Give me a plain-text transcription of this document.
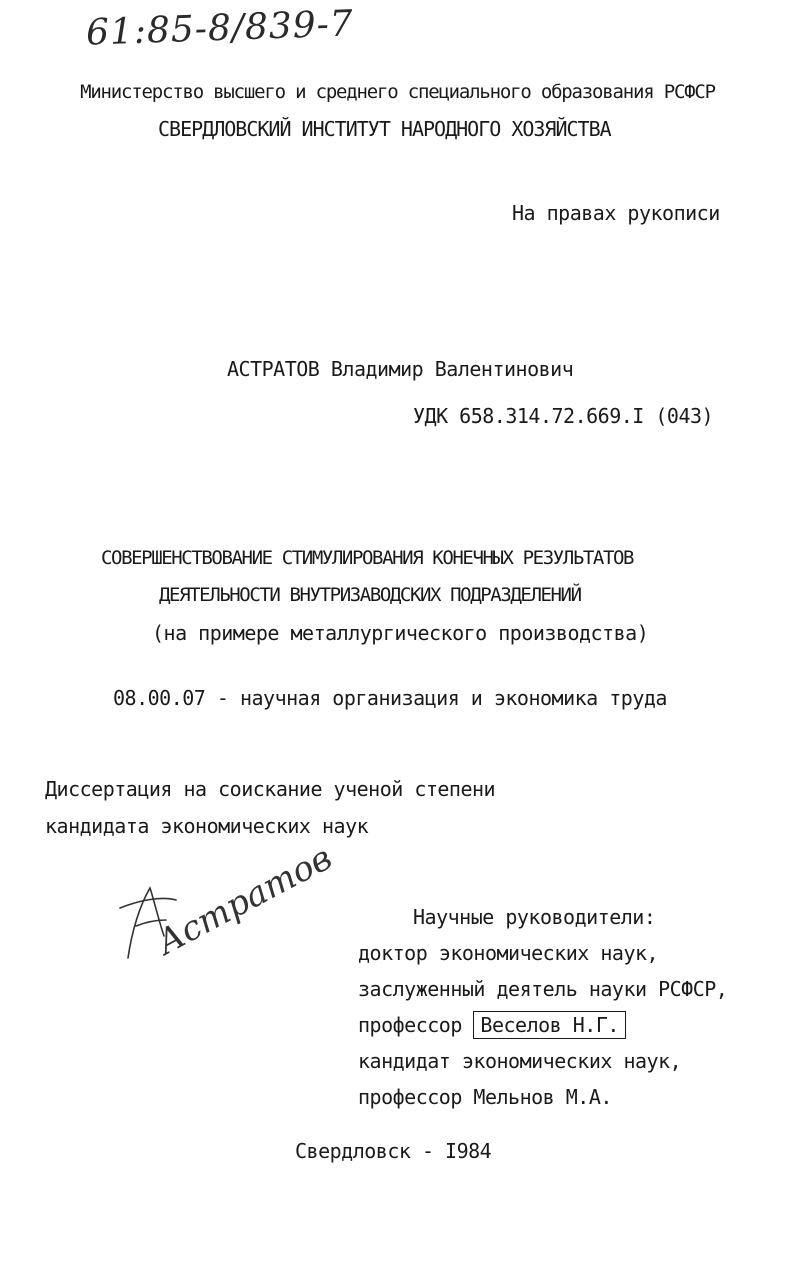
61:85-8/839-7
Министерство высшего и среднего специального образования РСФСР
СВЕРДЛОВСКИЙ ИНСТИТУТ НАРОДНОГО ХОЗЯЙСТВА
На правах рукописи
АСТРАТОВ Владимир Валентинович
УДК 658.314.72.669.I (043)
СОВЕРШЕНСТВОВАНИЕ СТИМУЛИРОВАНИЯ КОНЕЧНЫХ РЕЗУЛЬТАТОВ
ДЕЯТЕЛЬНОСТИ ВНУТРИЗАВОДСКИХ ПОДРАЗДЕЛЕНИЙ
(на примере металлургического производства)
08.00.07 - научная организация и экономика труда
Диссертация на соискание ученой степени
кандидата экономических наук
Астратов	Научные руководители:
доктор экономических наук,
заслуженный деятель науки РСФСР,
профессор Веселов Н.Г.
кандидат экономических наук,
профессор Мельнов М.А.
Свердловск - I984
